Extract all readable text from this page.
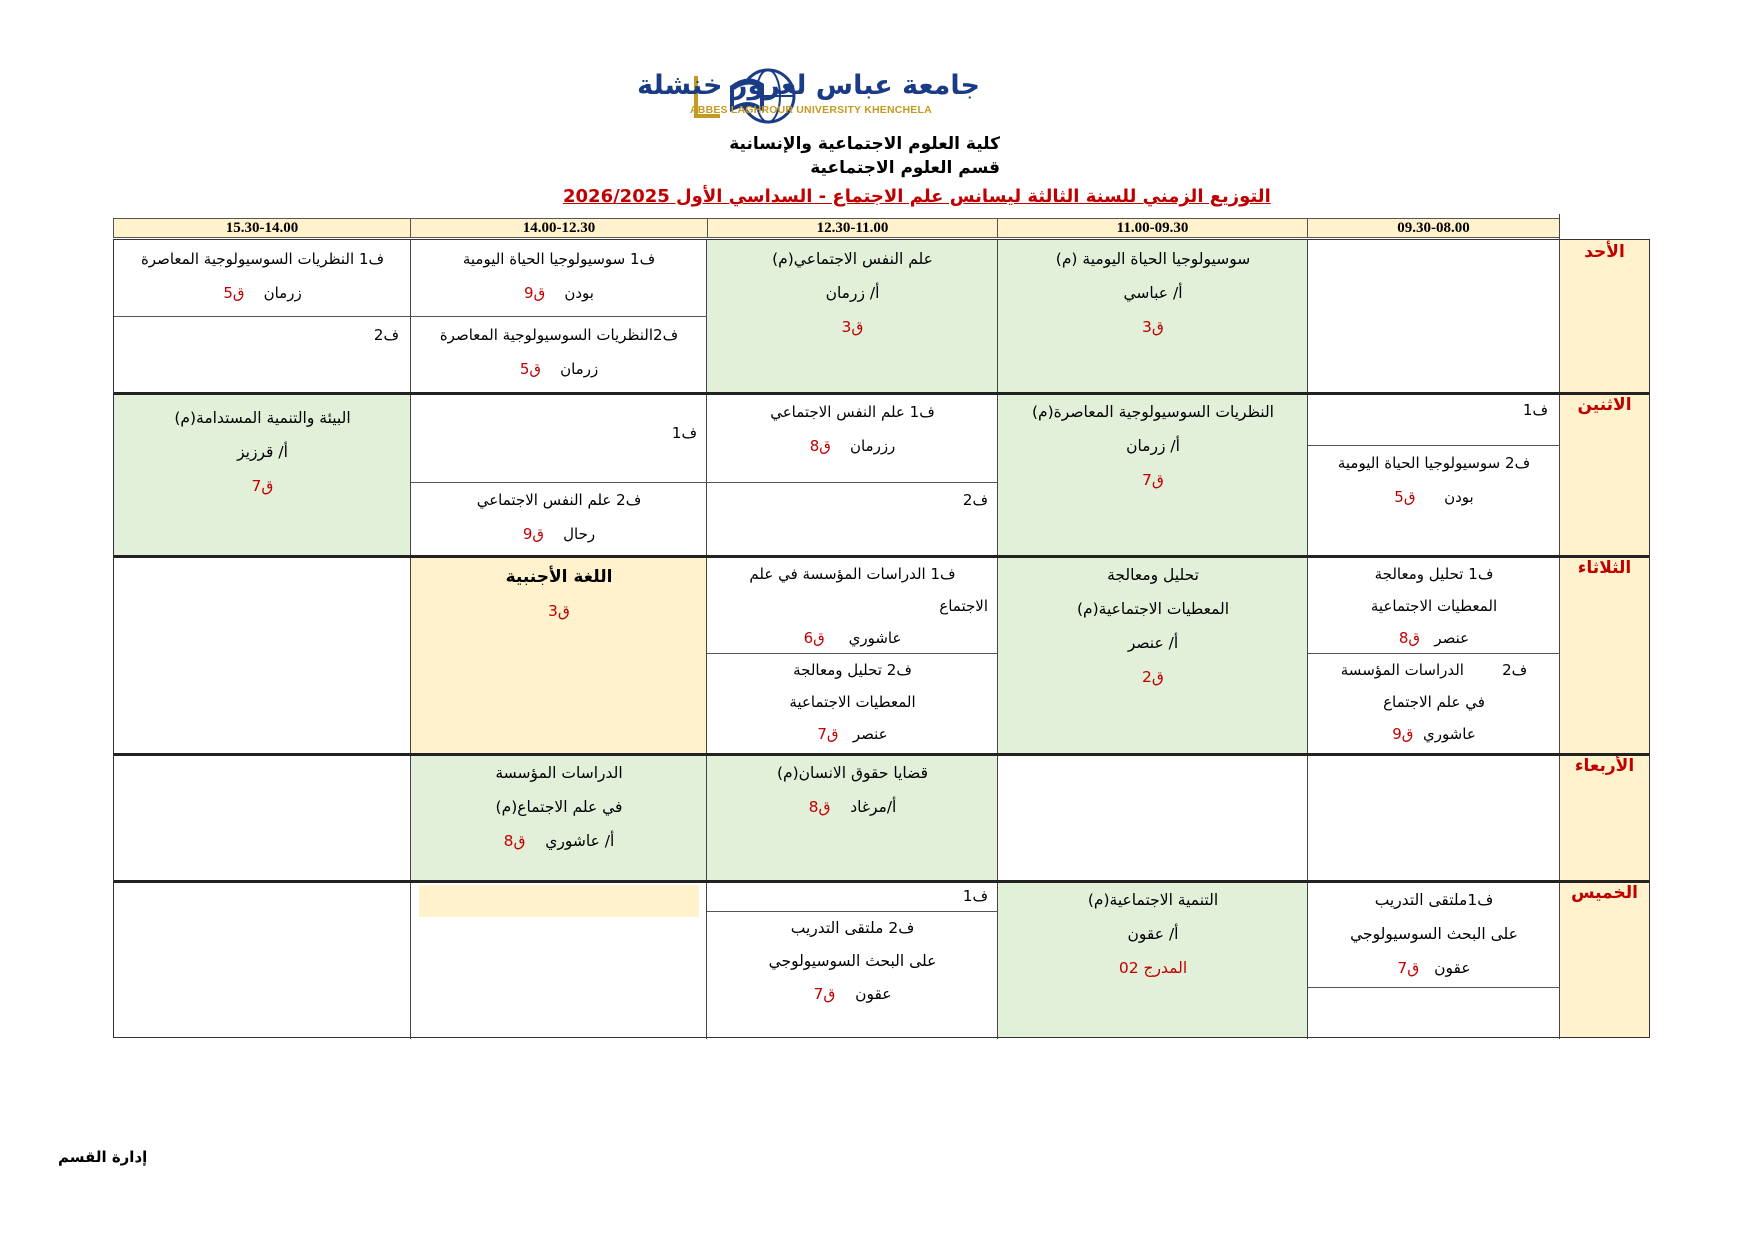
جامعة عباس لغرور خنشلة
ABBES LAGHROUR UNIVERSITY KHENCHELA
كلية العلوم الاجتماعية والإنسانية
قسم العلوم الاجتماعية
التوزيع الزمني للسنة الثالثة ليسانس علم الاجتماع - السداسي الأول 2026/2025
09.30-08.00
11.00-09.30
12.30-11.00
14.00-12.30
15.30-14.00
الأحد
الاثنين
الثلاثاء
الأربعاء
الخميس
سوسيولوجيا الحياة اليومية (م)
أ/ عباسي
ق3
علم النفس الاجتماعي(م)
أ/ زرمان
ق3
ف1 سوسيولوجيا الحياة اليومية
بودن    ق9
ف2النظريات السوسيولوجية المعاصرة
زرمان    ق5
ف1 النظريات السوسيولوجية المعاصرة
زرمان    ق5
ف2
ف1
ف2 سوسيولوجيا الحياة اليومية
بودن      ق5
النظريات السوسيولوجية المعاصرة(م)
أ/ زرمان
ق7
ف1 علم النفس الاجتماعي
رزرمان    ق8
ف2
ف1
ف2 علم النفس الاجتماعي
رحال    ق9
البيئة والتنمية المستدامة(م)
أ/ قرزيز
ق7
ف1 تحليل ومعالجة
المعطيات الاجتماعية
عنصر   ق8
ف2        الدراسات المؤسسة
في علم الاجتماع
عاشوري  ق9
تحليل ومعالجة
المعطيات الاجتماعية(م)
أ/ عنصر
ق2
ف1 الدراسات المؤسسة في علم
الاجتماع
عاشوري     ق6
ف2 تحليل ومعالجة
المعطيات الاجتماعية
عنصر   ق7
اللغة الأجنبية
ق3
قضايا حقوق الانسان(م)
أ/مرغاد    ق8
الدراسات المؤسسة
في علم الاجتماع(م)
أ/ عاشوري    ق8
ف1ملتقى التدريب
على البحث السوسيولوجي
عقون   ق7
التنمية الاجتماعية(م)
أ/ عقون
المدرج 02
ف1
ف2 ملتقى التدريب
على البحث السوسيولوجي
عقون    ق7
إدارة القسم
